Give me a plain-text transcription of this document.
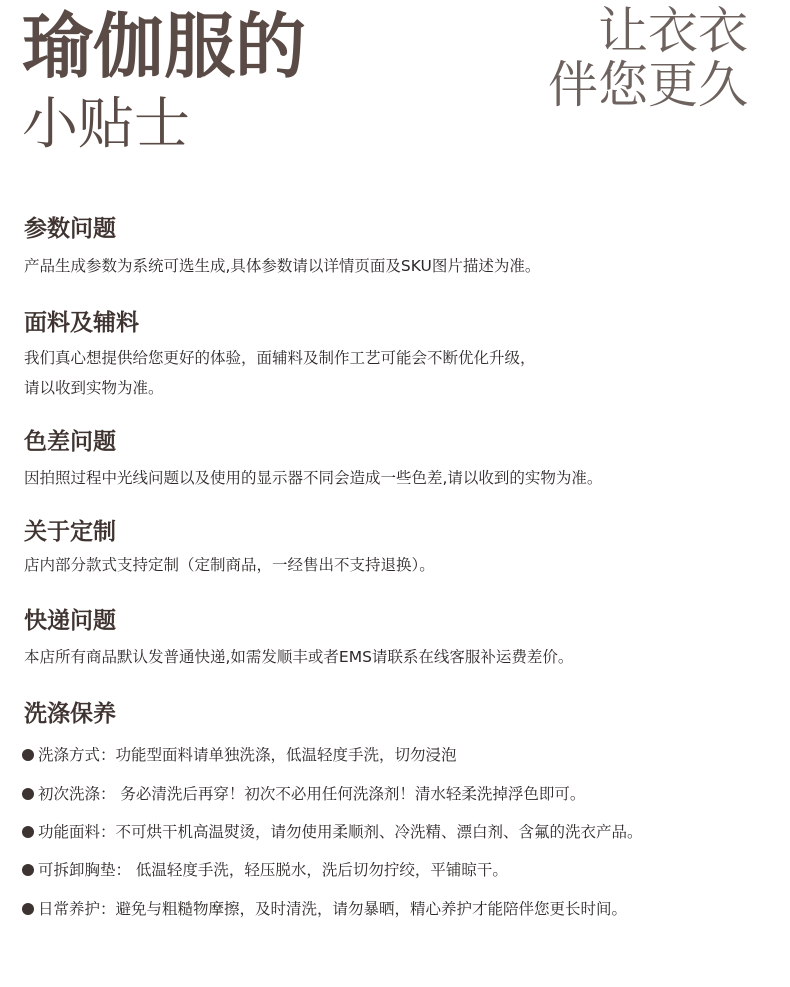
瑜伽服的
小贴士
让衣衣
伴您更久
参数问题
产品生成参数为系统可选生成,具体参数请以详情页面及SKU图片描述为准。
面料及辅料
我们真心想提供给您更好的体验，面辅料及制作工艺可能会不断优化升级，
请以收到实物为准。
色差问题
因拍照过程中光线问题以及使用的显示器不同会造成一些色差,请以收到的实物为准。
关于定制
店内部分款式支持定制（定制商品，一经售出不支持退换）。
快递问题
本店所有商品默认发普通快递,如需发顺丰或者EMS请联系在线客服补运费差价。
洗涤保养
洗涤方式：功能型面料请单独洗涤，低温轻度手洗，切勿浸泡
初次洗涤： 务必清洗后再穿！初次不必用任何洗涤剂！清水轻柔洗掉浮色即可。
功能面料：不可烘干机高温熨烫，请勿使用柔顺剂、冷洗精、漂白剂、含氟的洗衣产品。
可拆卸胸垫： 低温轻度手洗，轻压脱水，洗后切勿拧绞，平铺晾干。
日常养护：避免与粗糙物摩擦，及时清洗，请勿暴晒，精心养护才能陪伴您更长时间。
